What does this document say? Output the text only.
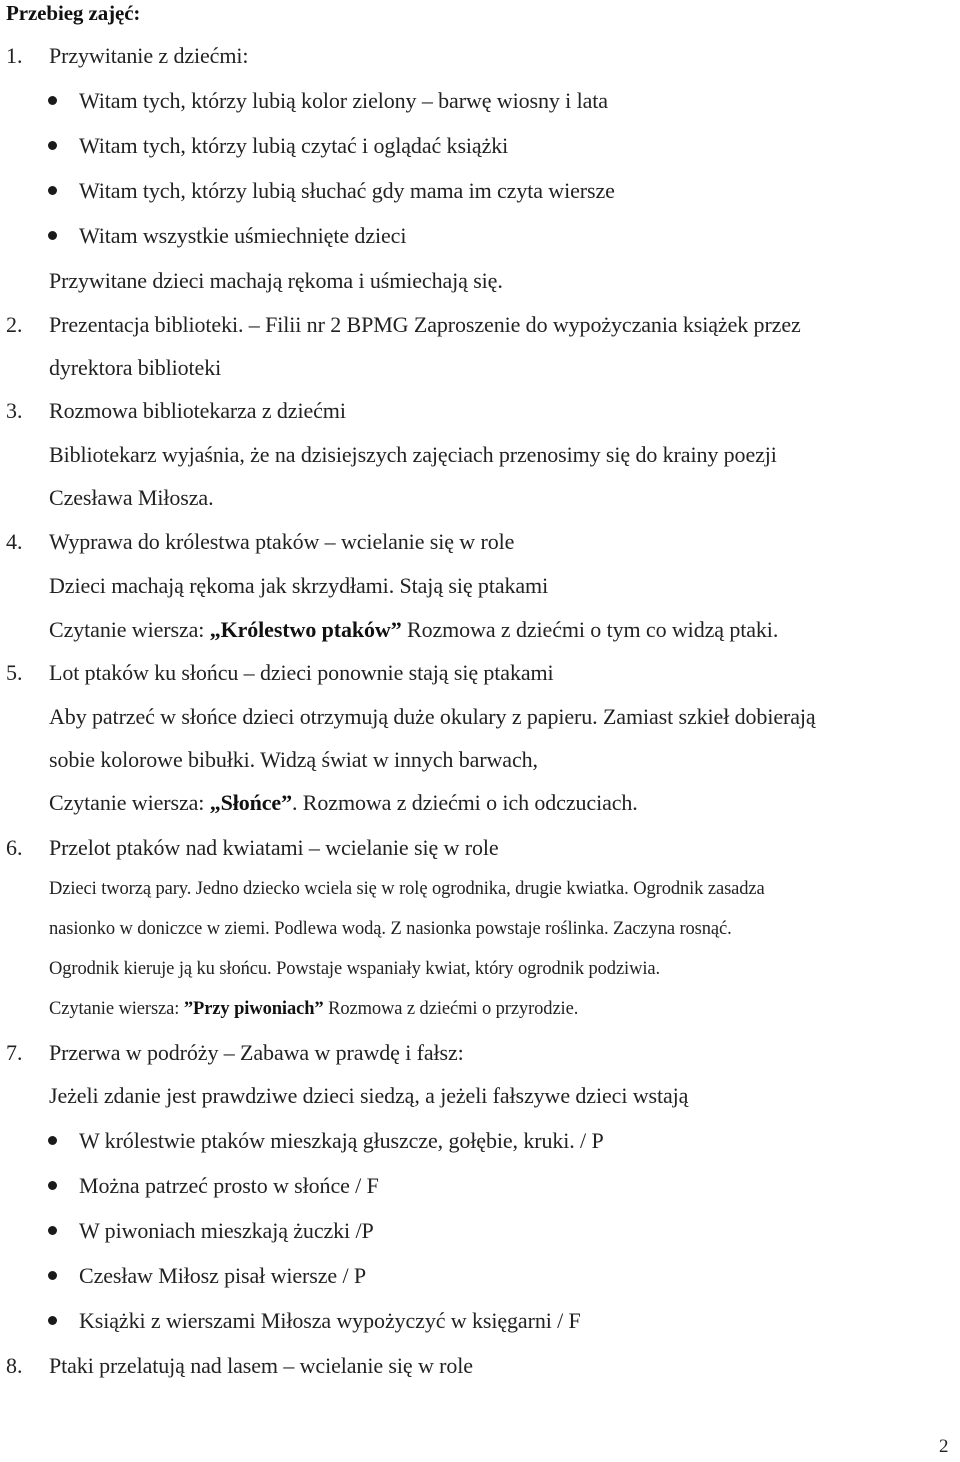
Przebieg zajęć:
1. Przywitanie z dziećmi:
Witam tych, którzy lubią kolor zielony – barwę wiosny i lata
Witam tych, którzy lubią czytać i oglądać książki
Witam tych, którzy lubią słuchać gdy mama im czyta wiersze
Witam wszystkie uśmiechnięte dzieci
Przywitane dzieci machają rękoma i uśmiechają się.
2. Prezentacja biblioteki. – Filii nr 2 BPMG Zaproszenie do wypożyczania książek przez
dyrektora biblioteki
3. Rozmowa bibliotekarza z dziećmi
Bibliotekarz wyjaśnia, że na dzisiejszych zajęciach przenosimy się do krainy poezji
Czesława Miłosza.
4. Wyprawa do królestwa ptaków – wcielanie się w role
Dzieci machają rękoma jak skrzydłami. Stają się ptakami
Czytanie wiersza: „Królestwo ptaków” Rozmowa z dziećmi o tym co widzą ptaki.
5. Lot ptaków ku słońcu – dzieci ponownie stają się ptakami
Aby patrzeć w słońce dzieci otrzymują duże okulary z papieru. Zamiast szkieł dobierają
sobie kolorowe bibułki. Widzą świat w innych barwach,
Czytanie wiersza: „Słońce”. Rozmowa z dziećmi o ich odczuciach.
6. Przelot ptaków nad kwiatami – wcielanie się w role
Dzieci tworzą pary. Jedno dziecko wciela się w rolę ogrodnika, drugie kwiatka. Ogrodnik zasadza
nasionko w doniczce w ziemi. Podlewa wodą. Z nasionka powstaje roślinka. Zaczyna rosnąć.
Ogrodnik kieruje ją ku słońcu. Powstaje wspaniały kwiat, który ogrodnik podziwia.
Czytanie wiersza: ”Przy piwoniach” Rozmowa z dziećmi o przyrodzie.
7. Przerwa w podróży – Zabawa w prawdę i fałsz:
Jeżeli zdanie jest prawdziwe dzieci siedzą, a jeżeli fałszywe dzieci wstają
W królestwie ptaków mieszkają głuszcze, gołębie, kruki. / P
Można patrzeć prosto w słońce / F
W piwoniach mieszkają żuczki /P
Czesław Miłosz pisał wiersze / P
Książki z wierszami Miłosza wypożyczyć w księgarni / F
8. Ptaki przelatują nad lasem – wcielanie się w role
2
